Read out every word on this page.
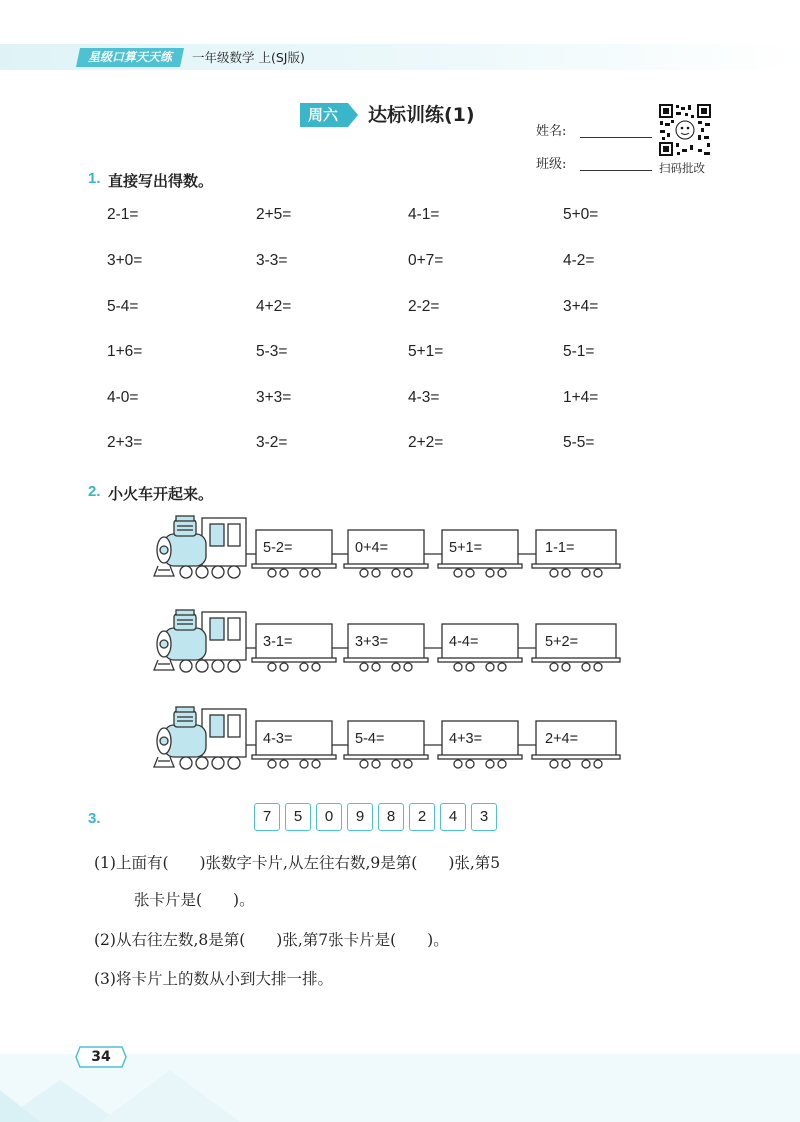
星级口算天天练	一年级数学 上(SJ版)
周六	达标训练(1)
姓名:
班级:	扫码批改
1. 直接写出得数。
2-1=	2+5=	4-1=	5+0=
3+0=	3-3=	0+7=	4-2=
5-4=	4+2=	2-2=	3+4=
1+6=	5-3=	5+1=	5-1=
4-0=	3+3=	4-3=	1+4=
2+3=	3-2=	2+2=	5-5=
2. 小火车开起来。
5-2=	0+4=	5+1=	1-1=
3-1=	3+3=	4-4=	5+2=
4-3=	5-4=	4+3=	2+4=
3.	7	5	0	9	8	2	4	3
(1)上面有(　　)张数字卡片,从左往右数,9是第(　　)张,第5
张卡片是(　　)。
(2)从右往左数,8是第(　　)张,第7张卡片是(　　)。
(3)将卡片上的数从小到大排一排。
34
